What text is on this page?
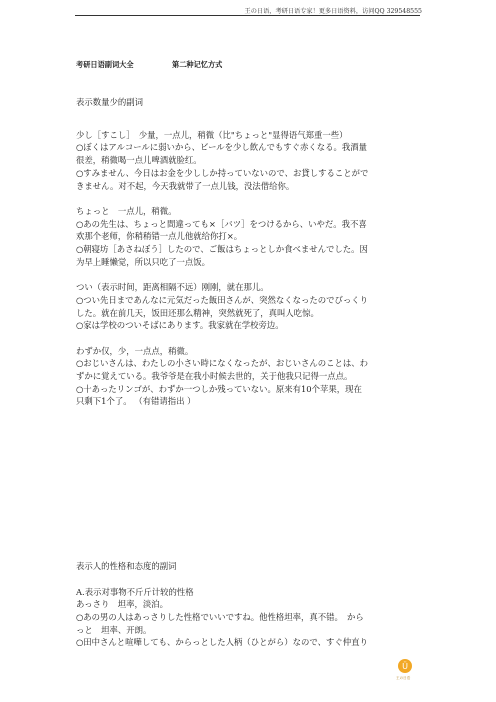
王の日语，考研日语专家！更多日语资料，访问QQ 329548555
考研日语副词大全	第二种记忆方式

表示数量少的副词

少し［すこし］　少量，一点儿，稍微（比"ちょっと"显得语气郑重一些）

○ぼくはアルコールに弱いから、ビールを少し飲んでもすぐ赤くなる。我酒量

很差，稍微喝一点儿啤酒就脸红。

○すみません、今日はお金を少ししか持っていないので、お貸しすることがで

きません。对不起，今天我就带了一点儿钱，没法借给你。

ちょっと　一点儿，稍微。

○あの先生は、ちょっと間違っても×［バツ］をつけるから、いやだ。我不喜

欢那个老师，你稍稍错一点儿他就给你打×。

○朝寝坊［あさねぼう］したので、ご飯はちょっとしか食べませんでした。因

为早上睡懒觉，所以只吃了一点饭。

つい（表示时间，距离相隔不远）刚刚，就在那儿。

○つい先日まであんなに元気だった飯田さんが、突然なくなったのでびっくり

した。就在前几天，饭田还那么精神，突然就死了，真叫人吃惊。

○家は学校のついそばにあります。我家就在学校旁边。

わずか仅，少，一点点，稍微。

○おじいさんは、わたしの小さい時になくなったが、おじいさんのことは、わ

ずかに覚えている。我爷爷是在我小时候去世的，关于他我只记得一点点。

○十あったリンゴが、わずか一つしか残っていない。原来有10个苹果，现在

只剩下1个了。 （有错请指出 ）

表示人的性格和态度的副词

A.表示对事物不斤斤计较的性格

あっさり　坦率，淡泊。

○あの男の人はあっさりした性格でいいですね。他性格坦率，真不错。　から

っと　坦率、开朗。

○田中さんと喧嘩しても、からっとした人柄（ひとがら）なので、すぐ仲直り

Ü
王の日语
